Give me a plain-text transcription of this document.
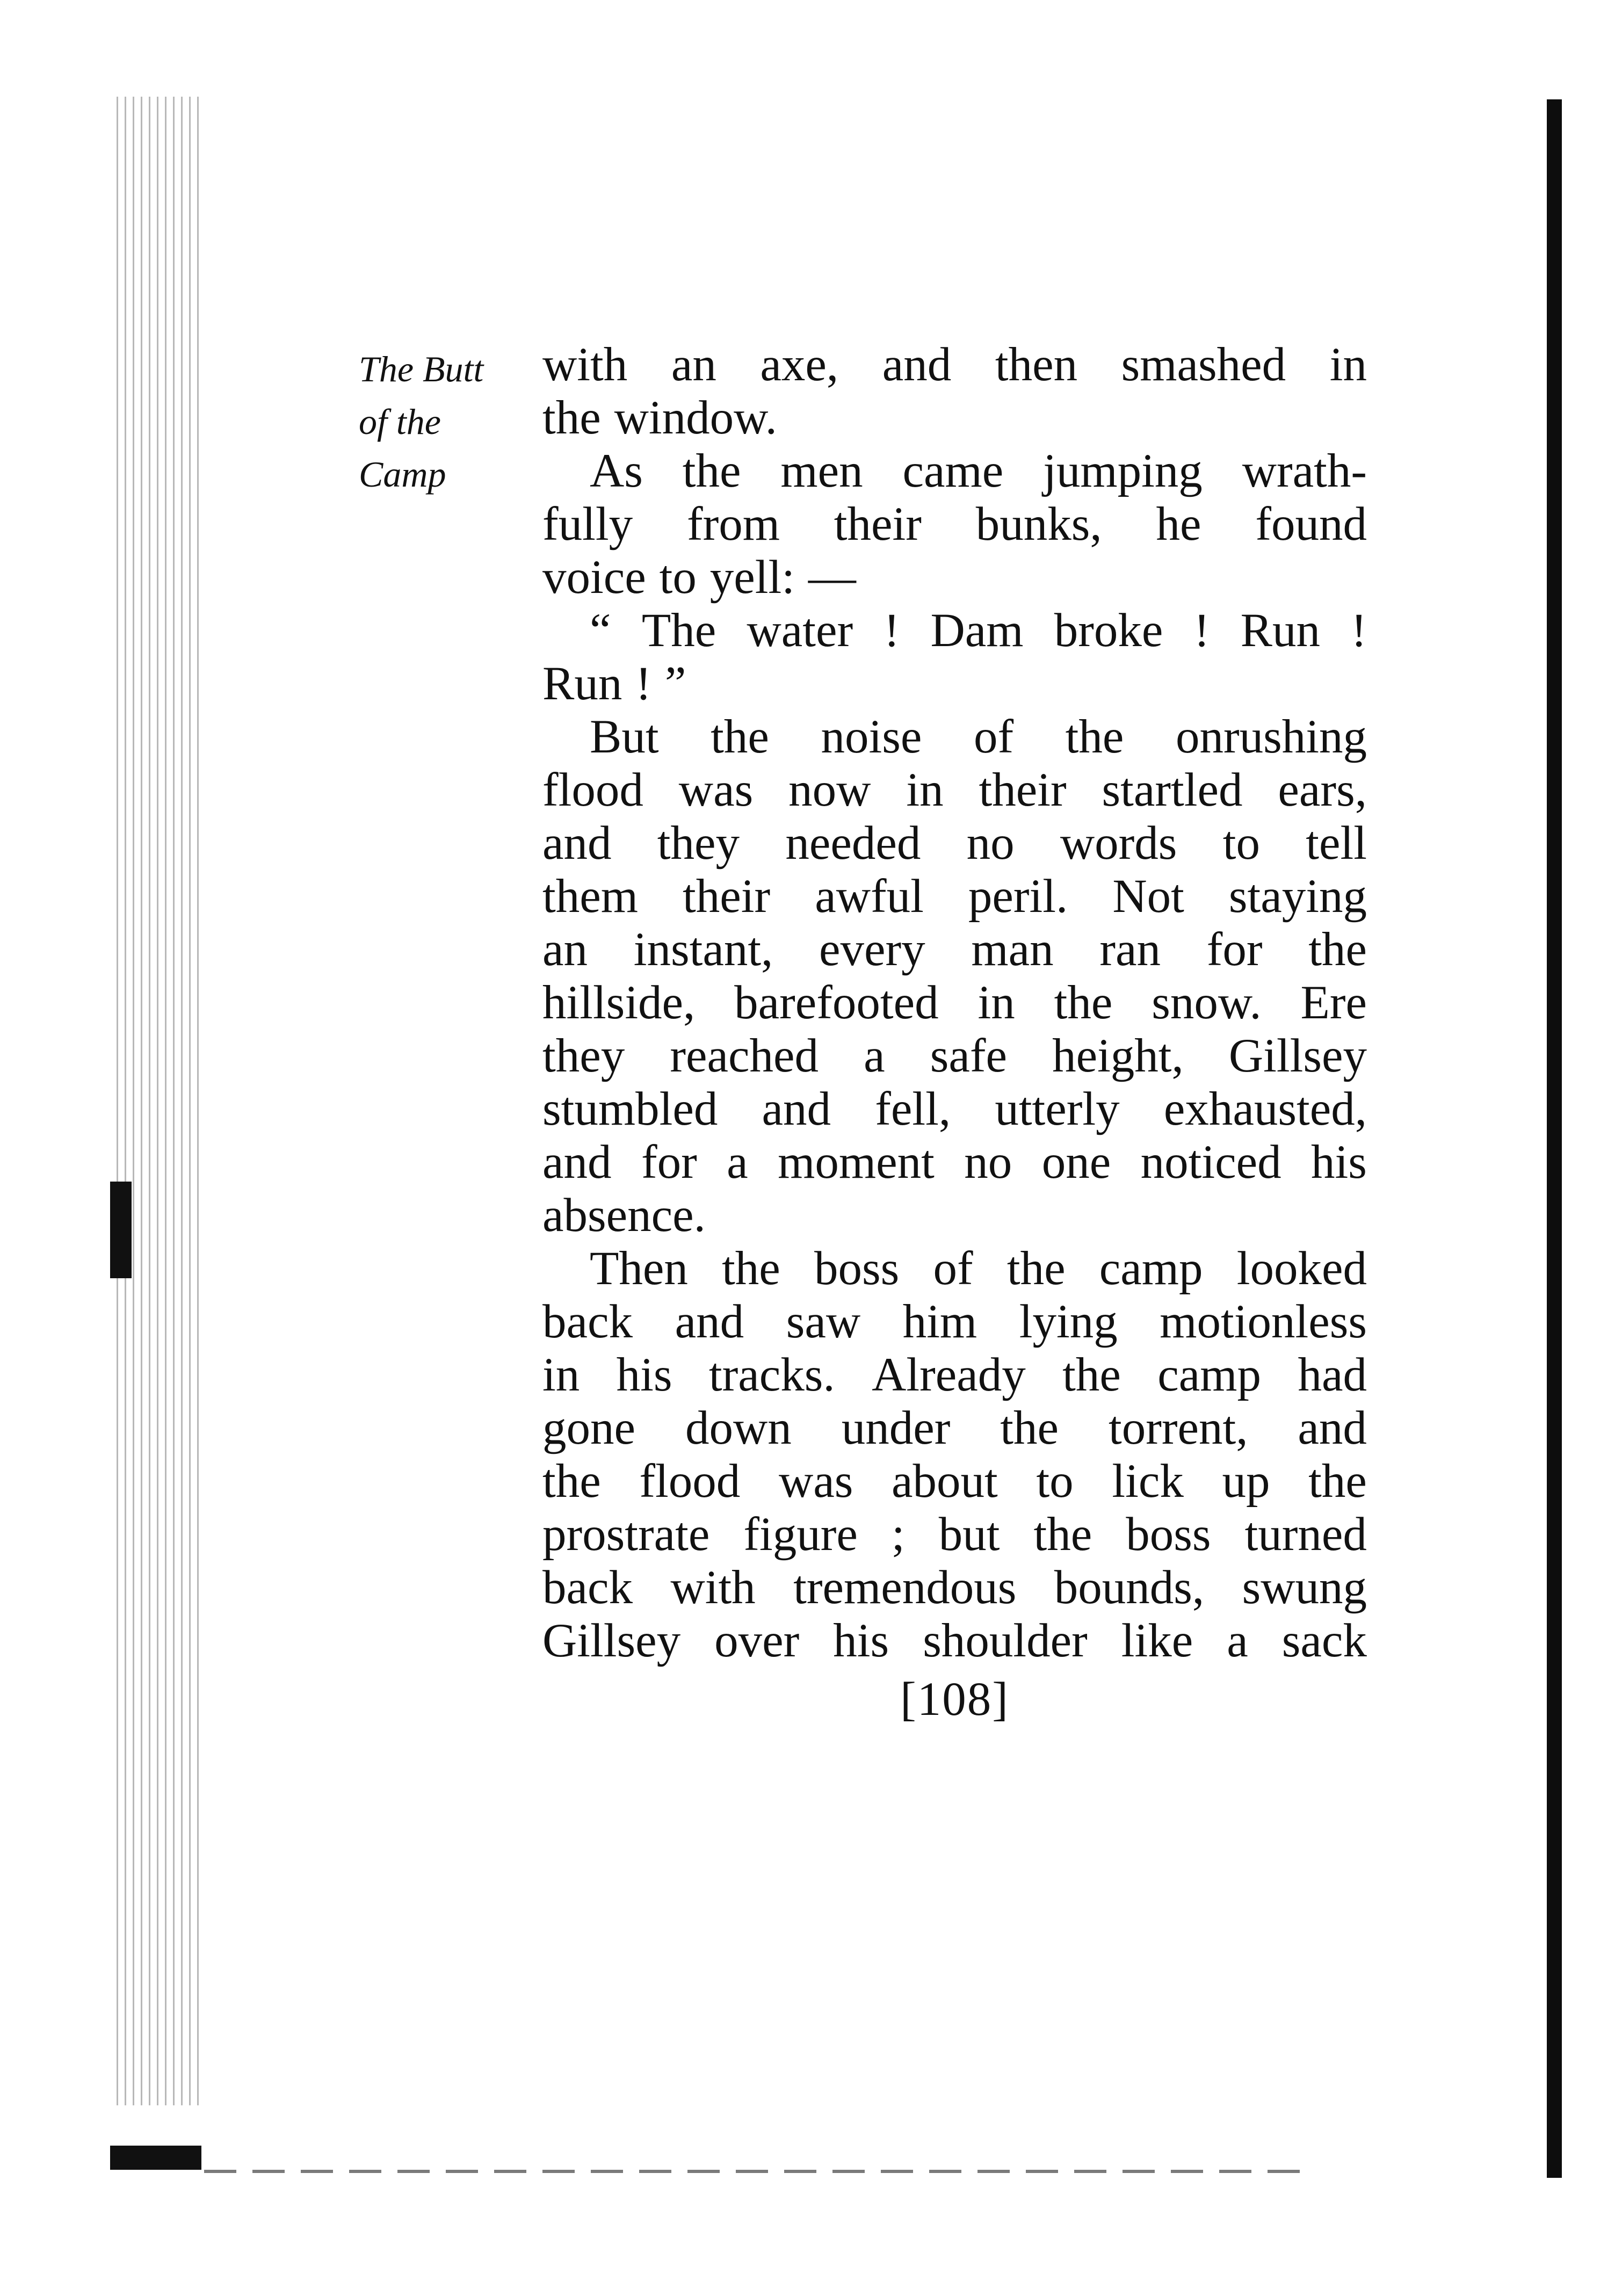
The Butt
of the
Camp
with an axe, and then smashed in
the window.
As the men came jumping wrath-
fully from their bunks, he found
voice to yell: —
“ The water ! Dam broke ! Run !
Run ! ”
But the noise of the onrushing
flood was now in their startled ears,
and they needed no words to tell
them their awful peril. Not staying
an instant, every man ran for the
hillside, barefooted in the snow. Ere
they reached a safe height, Gillsey
stumbled and fell, utterly exhausted,
and for a moment no one noticed his
absence.
Then the boss of the camp looked
back and saw him lying motionless
in his tracks. Already the camp had
gone down under the torrent, and
the flood was about to lick up the
prostrate figure ; but the boss turned
back with tremendous bounds, swung
Gillsey over his shoulder like a sack
[108]
